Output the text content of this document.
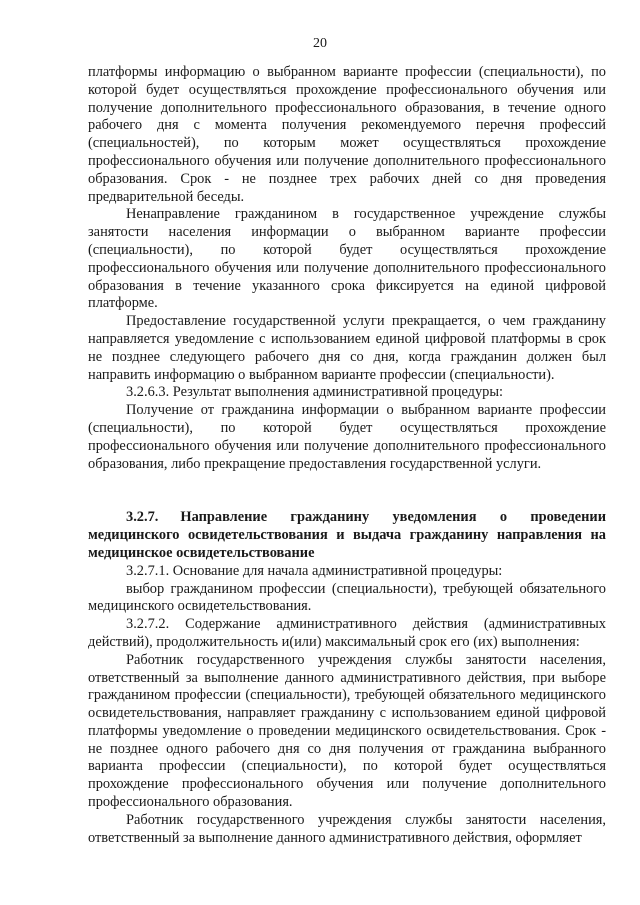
20

платформы информацию о выбранном варианте профессии (специальности), по которой будет осуществляться прохождение профессионального обучения или получение дополнительного профессионального образования, в течение одного рабочего дня с момента получения рекомендуемого перечня профессий (специальностей), по которым может осуществляться прохождение профессионального обучения или получение дополнительного профессионального образования. Срок - не позднее трех рабочих дней со дня проведения предварительной беседы.

Ненаправление гражданином в государственное учреждение службы занятости населения информации о выбранном варианте профессии (специальности), по которой будет осуществляться прохождение профессионального обучения или получение дополнительного профессионального образования в течение указанного срока фиксируется на единой цифровой платформе.

Предоставление государственной услуги прекращается, о чем гражданину направляется уведомление с использованием единой цифровой платформы в срок не позднее следующего рабочего дня со дня, когда гражданин должен был направить информацию о выбранном варианте профессии (специальности).

3.2.6.3. Результат выполнения административной процедуры:

Получение от гражданина информации о выбранном варианте профессии (специальности), по которой будет осуществляться прохождение профессионального обучения или получение дополнительного профессионального образования, либо прекращение предоставления государственной услуги.

3.2.7. Направление гражданину уведомления о проведении медицинского освидетельствования и выдача гражданину направления на медицинское освидетельствование

3.2.7.1. Основание для начала административной процедуры:

выбор гражданином профессии (специальности), требующей обязательного медицинского освидетельствования.

3.2.7.2. Содержание административного действия (административных действий), продолжительность и(или) максимальный срок его (их) выполнения:

Работник государственного учреждения службы занятости населения, ответственный за выполнение данного административного действия, при выборе гражданином профессии (специальности), требующей обязательного медицинского освидетельствования, направляет гражданину с использованием единой цифровой платформы уведомление о проведении медицинского освидетельствования. Срок - не позднее одного рабочего дня со дня получения от гражданина выбранного варианта профессии (специальности), по которой будет осуществляться прохождение профессионального обучения или получение дополнительного профессионального образования.

Работник государственного учреждения службы занятости населения, ответственный за выполнение данного административного действия, оформляет
